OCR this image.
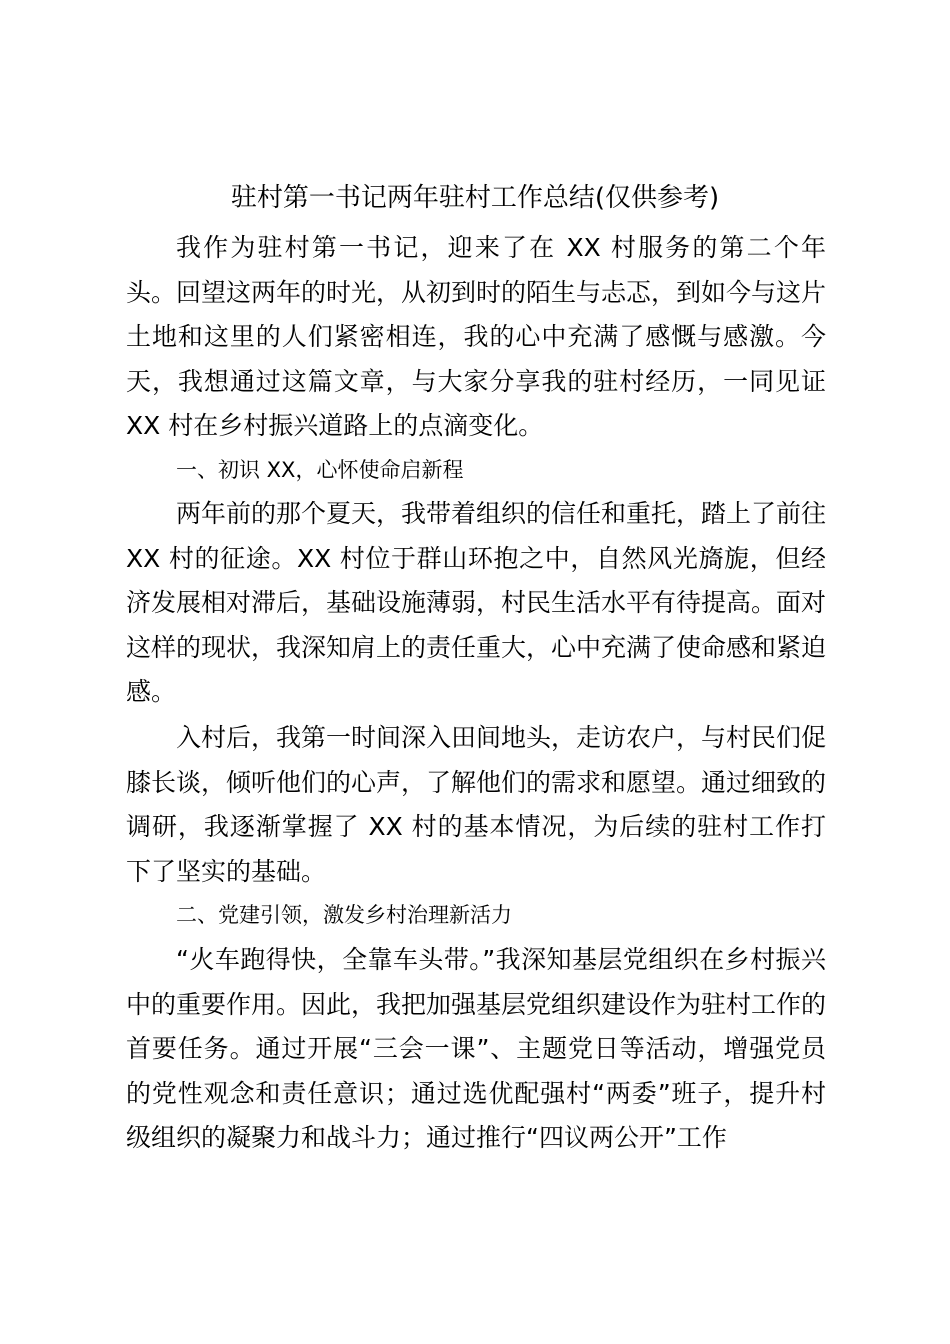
驻村第一书记两年驻村工作总结(仅供参考)

我作为驻村第一书记，迎来了在 XX 村服务的第二个年头。回望这两年的时光，从初到时的陌生与忐忑，到如今与这片土地和这里的人们紧密相连，我的心中充满了感慨与感激。今天，我想通过这篇文章，与大家分享我的驻村经历，一同见证 XX 村在乡村振兴道路上的点滴变化。

一、初识 XX，心怀使命启新程

两年前的那个夏天，我带着组织的信任和重托，踏上了前往 XX 村的征途。XX 村位于群山环抱之中，自然风光旖旎，但经济发展相对滞后，基础设施薄弱，村民生活水平有待提高。面对这样的现状，我深知肩上的责任重大，心中充满了使命感和紧迫感。

入村后，我第一时间深入田间地头，走访农户，与村民们促膝长谈，倾听他们的心声，了解他们的需求和愿望。通过细致的调研，我逐渐掌握了 XX 村的基本情况，为后续的驻村工作打下了坚实的基础。

二、党建引领，激发乡村治理新活力

“火车跑得快，全靠车头带。”我深知基层党组织在乡村振兴中的重要作用。因此，我把加强基层党组织建设作为驻村工作的首要任务。通过开展“三会一课”、主题党日等活动，增强党员的党性观念和责任意识；通过选优配强村“两委”班子，提升村级组织的凝聚力和战斗力；通过推行“四议两公开”工作
